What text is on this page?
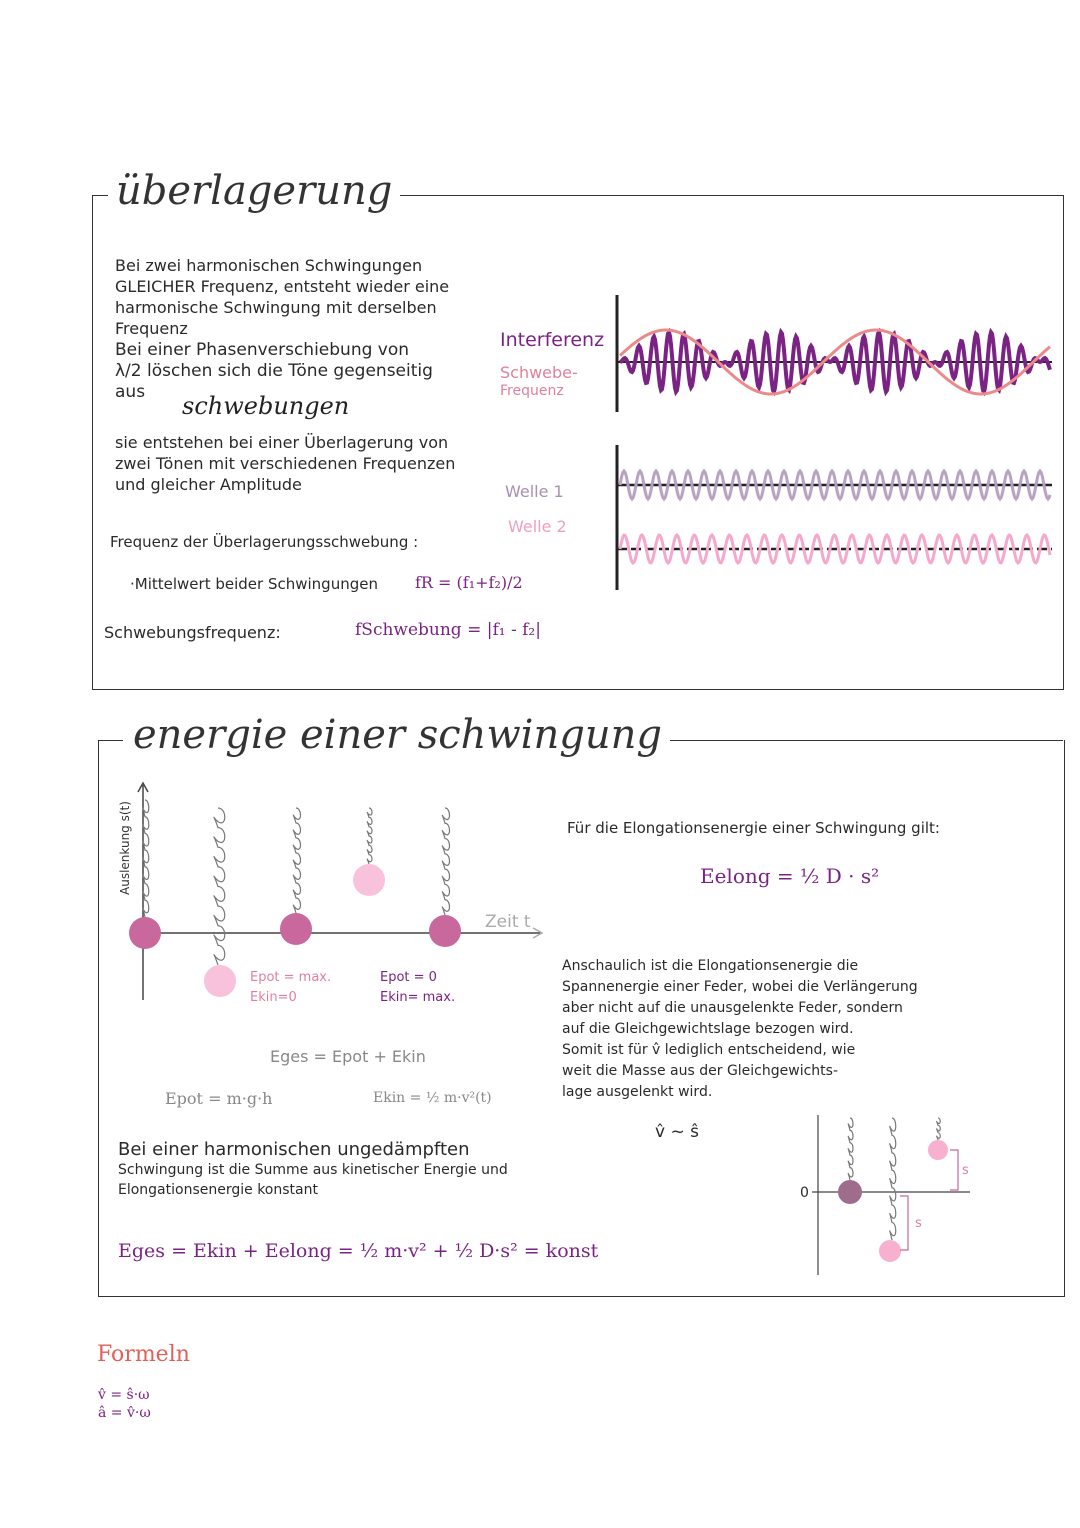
überlagerung
Bei zwei harmonischen Schwingungen
GLEICHER Frequenz, entsteht wieder eine
harmonische Schwingung mit derselben
Frequenz
Bei einer Phasenverschiebung von
λ/2 löschen sich die Töne gegenseitig
aus	schwebungen
sie entstehen bei einer Überlagerung von
zwei Tönen mit verschiedenen Frequenzen
und gleicher Amplitude
Frequenz der Überlagerungsschwebung :
·Mittelwert beider Schwingungen fR = (f₁+f₂)/2
Schwebungsfrequenz:	fSchwebung = |f₁ - f₂|
Interferenz
Schwebe-
Frequenz
Welle 1
Welle 2
energie einer schwingung
Auslenkung s(t)
Zeit t
Epot = max.
Ekin=0
Epot = 0
Ekin= max.
Eges = Epot + Ekin
Epot = m·g·h	Ekin = ½ m·v²(t)
Bei einer harmonischen ungedämpften
Schwingung ist die Summe aus kinetischer Energie und
Elongationsenergie konstant
Eges = Ekin + Eelong = ½ m·v² + ½ D·s² = konst
Für die Elongationsenergie einer Schwingung gilt:
Eelong = ½ D · s²
Anschaulich ist die Elongationsenergie die
Spannenergie einer Feder, wobei die Verlängerung
aber nicht auf die unausgelenkte Feder, sondern
auf die Gleichgewichtslage bezogen wird.
Somit ist für v̂ lediglich entscheidend, wie
weit die Masse aus der Gleichgewichts-
lage ausgelenkt wird.
v̂ ~ ŝ
0
s
s
Formeln
v̂ = ŝ·ω
â = v̂·ω
